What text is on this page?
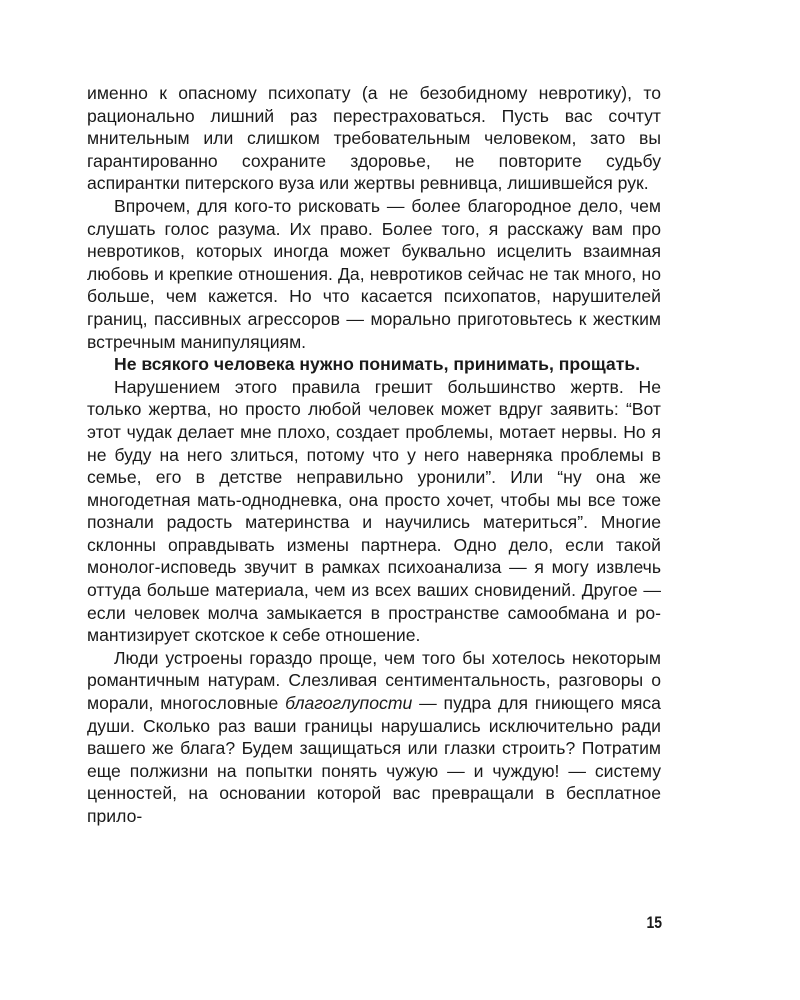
именно к опасному психопату (а не безобидному невротику), то рационально лишний раз перестраховаться. Пусть вас сочтут мнительным или слишком требовательным человеком, зато вы гарантированно сохраните здоровье, не повторите судьбу аспирантки питерского вуза или жертвы ревнивца, лишившейся рук.

Впрочем, для кого-то рисковать — более благородное дело, чем слушать голос разума. Их право. Более того, я расскажу вам про невротиков, которых иногда может буквально исцелить взаимная любовь и крепкие отношения. Да, невротиков сейчас не так много, но больше, чем кажется. Но что касается психопатов, нарушителей границ, пассивных агрессоров — морально приготовьтесь к жестким встречным манипуляциям.

Не всякого человека нужно понимать, принимать, прощать.

Нарушением этого правила грешит большинство жертв. Не только жертва, но просто любой человек может вдруг заявить: “Вот этот чудак делает мне плохо, создает проблемы, мотает нервы. Но я не буду на него злиться, потому что у него наверняка проблемы в семье, его в детстве неправильно уронили”. Или “ну она же многодетная мать-однодневка, она просто хочет, чтобы мы все тоже познали радость материнства и научились материться”. Многие склонны оправдывать измены партнера. Одно дело, если такой монолог-исповедь звучит в рамках психоанализа — я могу извлечь оттуда больше материала, чем из всех ваших сновидений. Другое — если человек молча замыкается в пространстве самообмана и романтизирует скотское к себе отношение.

Люди устроены гораздо проще, чем того бы хотелось некоторым романтичным натурам. Слезливая сентиментальность, разговоры о морали, многословные благоглупости — пудра для гниющего мяса души. Сколько раз ваши границы нарушались исключительно ради вашего же блага? Будем защищаться или глазки строить? Потратим еще полжизни на попытки понять чужую — и чуждую! — систему ценностей, на основании которой вас превращали в бесплатное прило-

15
